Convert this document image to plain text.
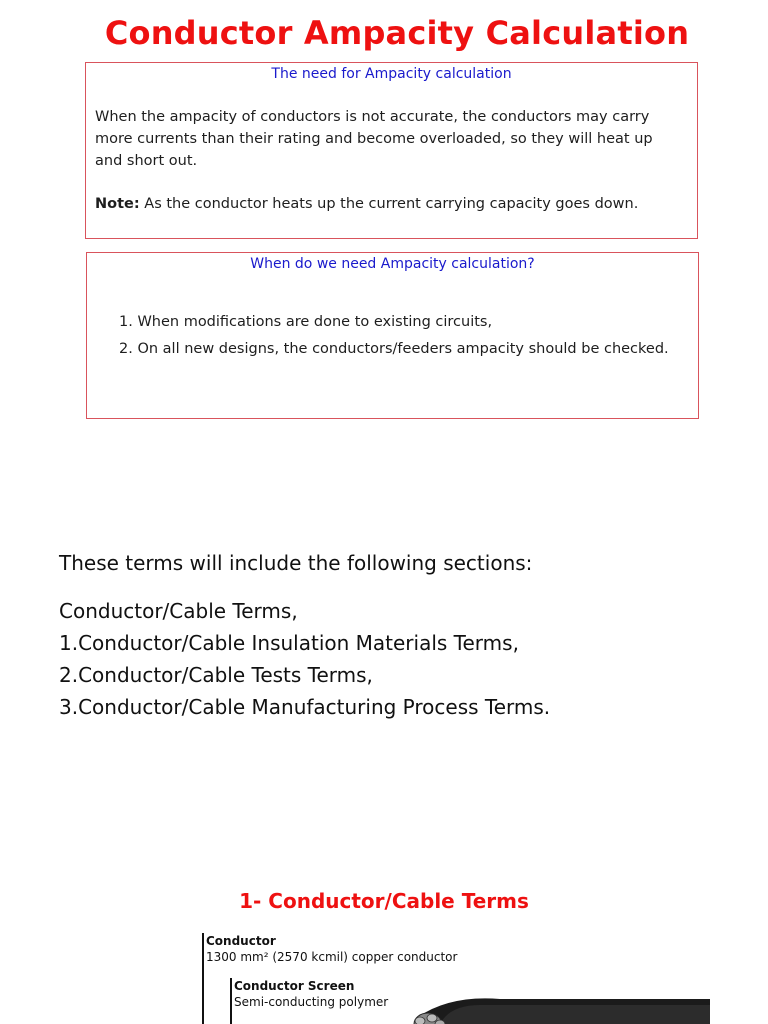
Conductor Ampacity Calculation
The need for Ampacity calculation
When the ampacity of conductors is not accurate, the conductors may carry more currents than their rating and become overloaded, so they will heat up and short out.
Note: As the conductor heats up the current carrying capacity goes down.
When do we need Ampacity calculation?
1. When modifications are done to existing circuits,
2. On all new designs, the conductors/feeders ampacity should be checked.
These terms will include the following sections:
Conductor/Cable Terms,
1.Conductor/Cable Insulation Materials Terms,
2.Conductor/Cable Tests Terms,
3.Conductor/Cable Manufacturing Process Terms.
1- Conductor/Cable Terms
Conductor
1300 mm² (2570 kcmil) copper conductor
Conductor Screen
Semi-conducting polymer
